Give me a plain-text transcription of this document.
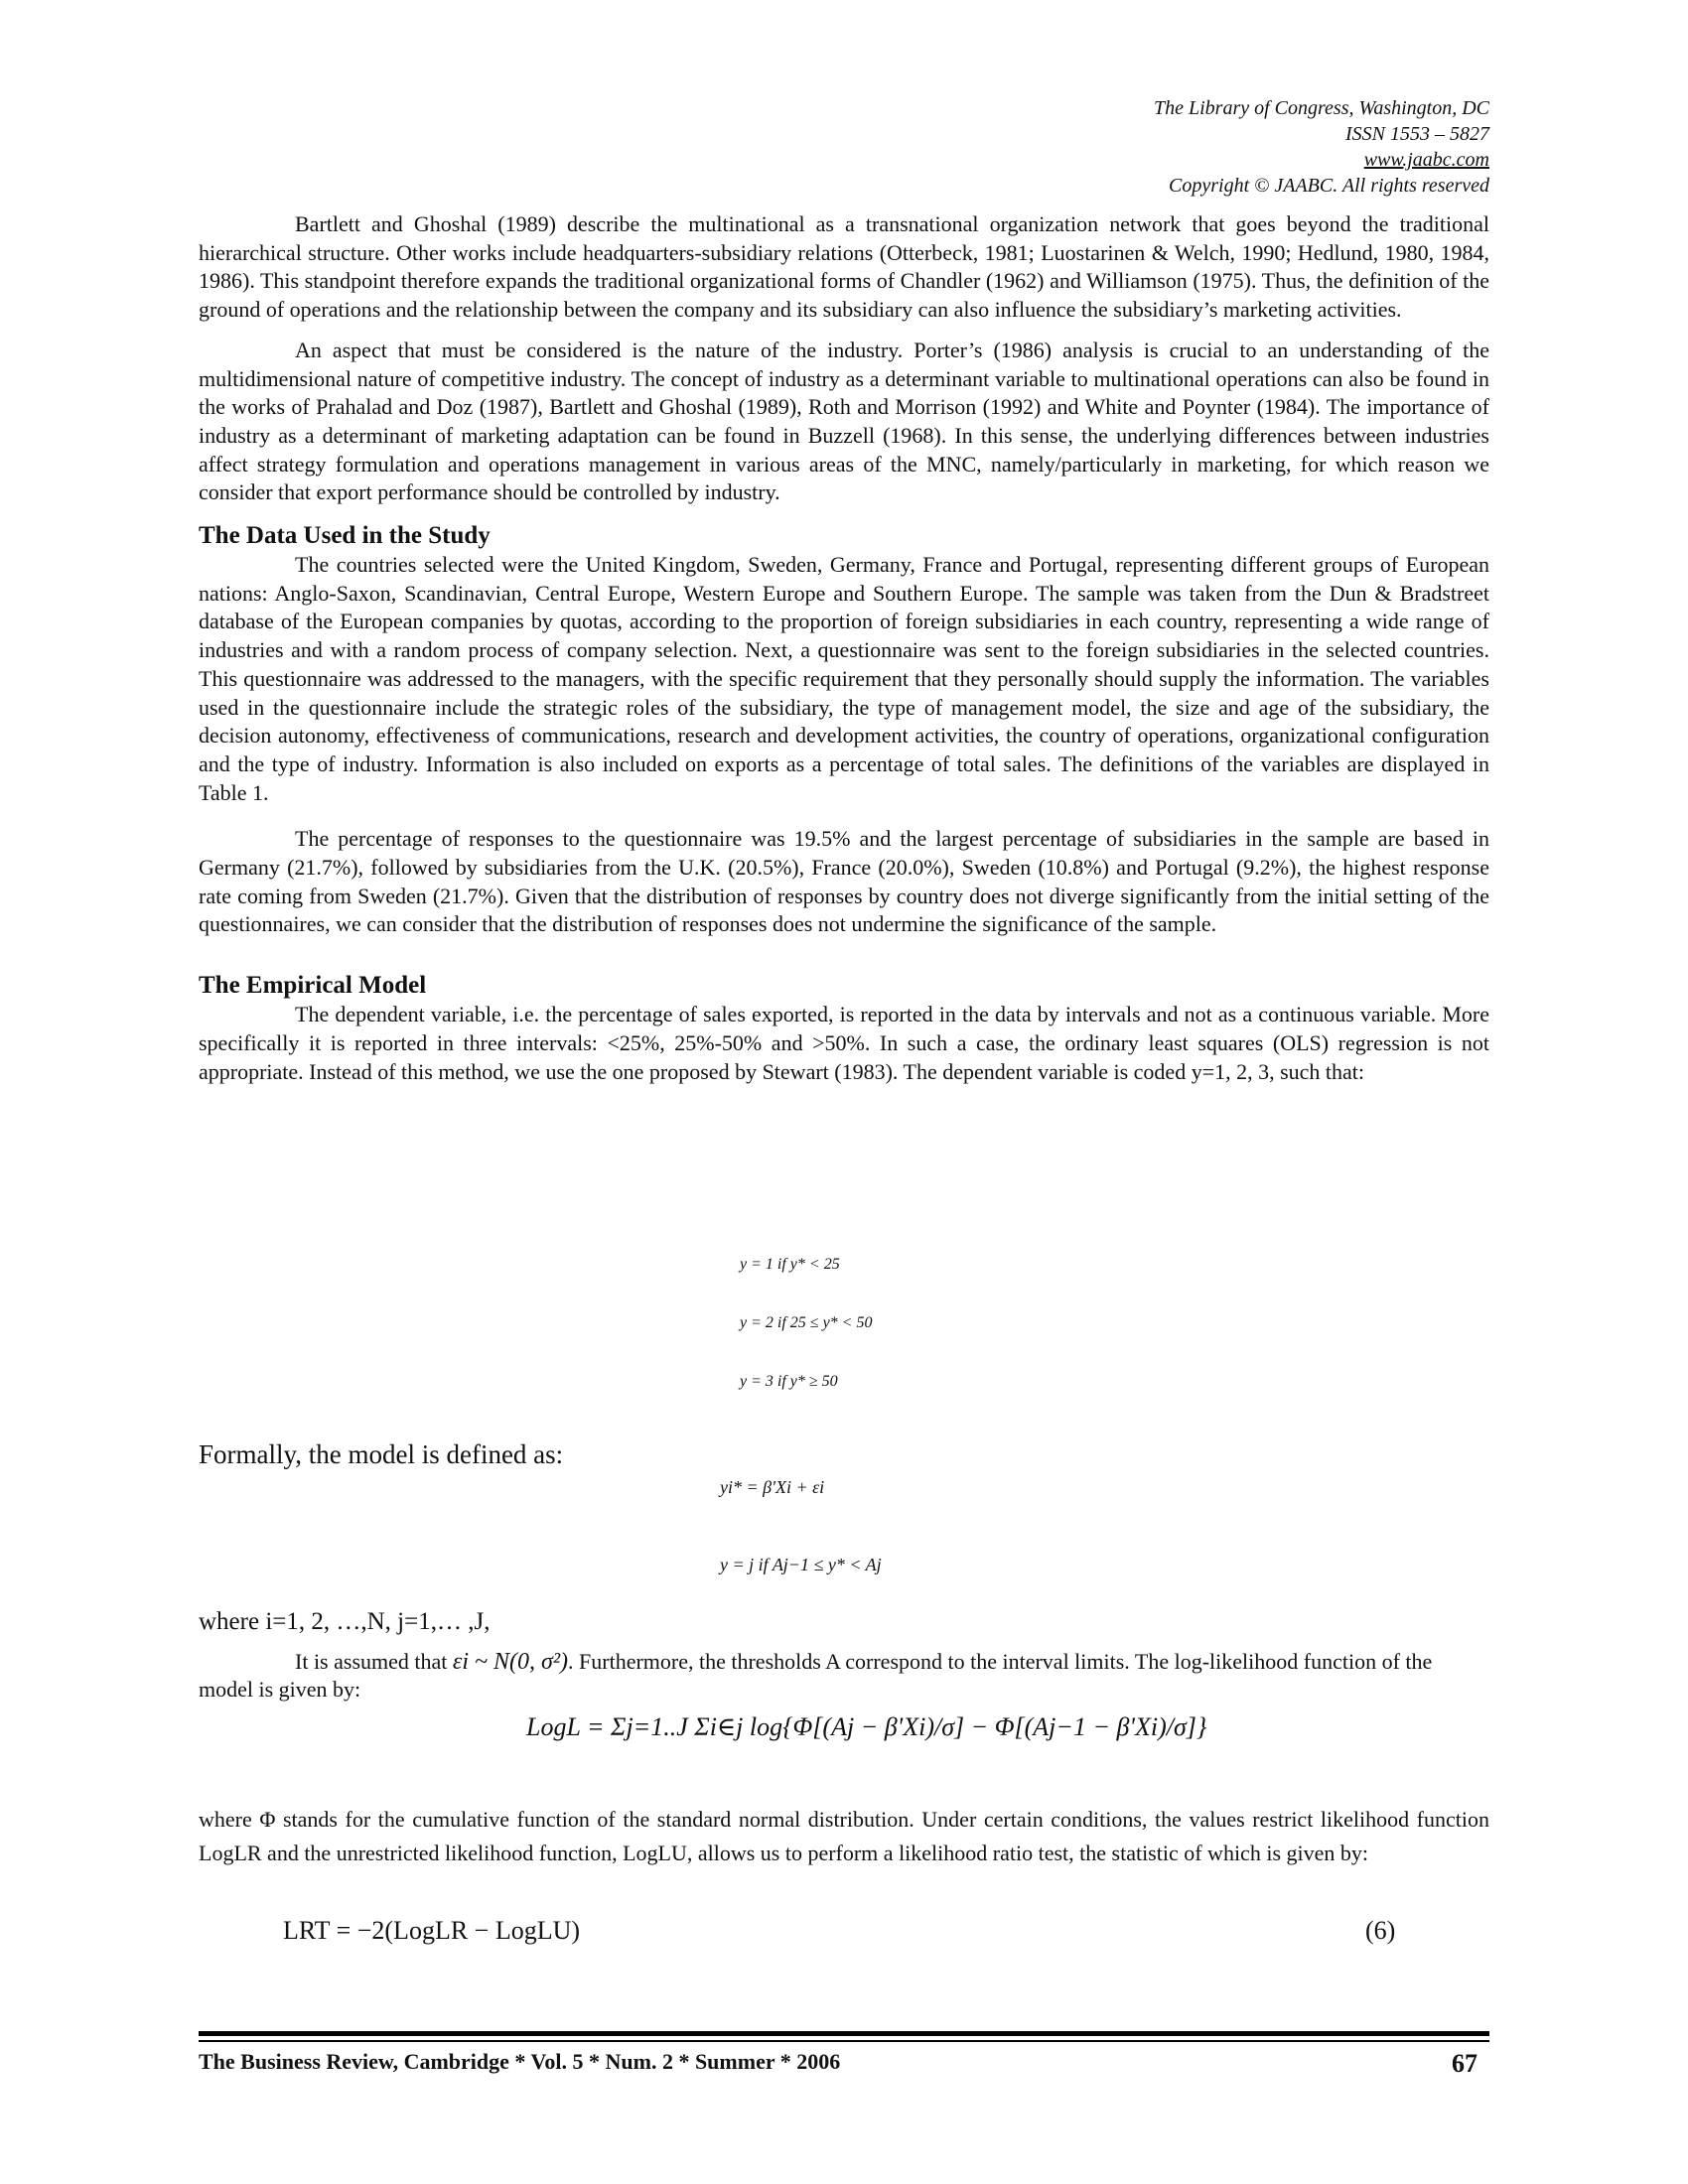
The Library of Congress, Washington, DC
ISSN 1553 – 5827
www.jaabc.com
Copyright © JAABC. All rights reserved

Bartlett and Ghoshal (1989) describe the multinational as a transnational organization network that goes beyond the traditional hierarchical structure. Other works include headquarters-subsidiary relations (Otterbeck, 1981; Luostarinen & Welch, 1990; Hedlund, 1980, 1984, 1986). This standpoint therefore expands the traditional organizational forms of Chandler (1962) and Williamson (1975). Thus, the definition of the ground of operations and the relationship between the company and its subsidiary can also influence the subsidiary’s marketing activities.

An aspect that must be considered is the nature of the industry. Porter’s (1986) analysis is crucial to an understanding of the multidimensional nature of competitive industry. The concept of industry as a determinant variable to multinational operations can also be found in the works of Prahalad and Doz (1987), Bartlett and Ghoshal (1989), Roth and Morrison (1992) and White and Poynter (1984). The importance of industry as a determinant of marketing adaptation can be found in Buzzell (1968). In this sense, the underlying differences between industries affect strategy formulation and operations management in various areas of the MNC, namely/particularly in marketing, for which reason we consider that export performance should be controlled by industry.

The Data Used in the Study

The countries selected were the United Kingdom, Sweden, Germany, France and Portugal, representing different groups of European nations: Anglo-Saxon, Scandinavian, Central Europe, Western Europe and Southern Europe. The sample was taken from the Dun & Bradstreet database of the European companies by quotas, according to the proportion of foreign subsidiaries in each country, representing a wide range of industries and with a random process of company selection. Next, a questionnaire was sent to the foreign subsidiaries in the selected countries. This questionnaire was addressed to the managers, with the specific requirement that they personally should supply the information. The variables used in the questionnaire include the strategic roles of the subsidiary, the type of management model, the size and age of the subsidiary, the decision autonomy, effectiveness of communications, research and development activities, the country of operations, organizational configuration and the type of industry. Information is also included on exports as a percentage of total sales. The definitions of the variables are displayed in Table 1.

The percentage of responses to the questionnaire was 19.5% and the largest percentage of subsidiaries in the sample are based in Germany (21.7%), followed by subsidiaries from the U.K. (20.5%), France (20.0%), Sweden (10.8%) and Portugal (9.2%), the highest response rate coming from Sweden (21.7%). Given that the distribution of responses by country does not diverge significantly from the initial setting of the questionnaires, we can consider that the distribution of responses does not undermine the significance of the sample.

The Empirical Model

The dependent variable, i.e. the percentage of sales exported, is reported in the data by intervals and not as a continuous variable. More specifically it is reported in three intervals: <25%, 25%-50% and >50%. In such a case, the ordinary least squares (OLS) regression is not appropriate. Instead of this method, we use the one proposed by Stewart (1983). The dependent variable is coded y=1, 2, 3, such that:

y = 1 if y* < 25
y = 2 if 25 ≤ y* < 50
y = 3 if y* ≥ 50
Formally, the model is defined as:
yi* = β'Xi + εi
y = j if Aj−1 ≤ y* < Aj
where i=1, 2, …,N, j=1,… ,J,
It is assumed that εi ~ N(0, σ²). Furthermore, the thresholds A correspond to the interval limits. The log-likelihood function of the model is given by:
LogL = Σj=1..J Σi∈j log{Φ[(Aj − β'Xi)/σ] − Φ[(Aj−1 − β'Xi)/σ]}
where Φ stands for the cumulative function of the standard normal distribution. Under certain conditions, the values restrict likelihood function LogLR and the unrestricted likelihood function, LogLU, allows us to perform a likelihood ratio test, the statistic of which is given by:
LRT = −2(LogLR − LogLU)	(6)
The Business Review, Cambridge * Vol. 5 * Num. 2 * Summer * 2006	67
